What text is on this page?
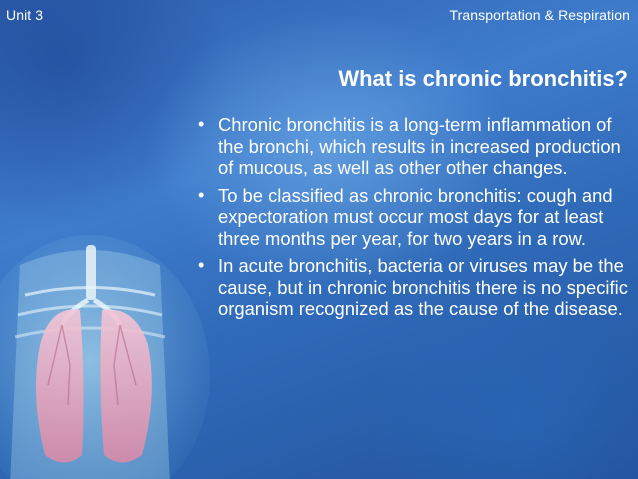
Unit 3	Transportation & Respiration
What is chronic bronchitis?
• Chronic bronchitis is a long-term inflammation of the bronchi, which results in increased production of mucous, as well as other other changes.
• To be classified as chronic bronchitis: cough and expectoration must occur most days for at least three months per year, for two years in a row.
• In acute bronchitis, bacteria or viruses may be the cause, but in chronic bronchitis there is no specific organism recognized as the cause of the disease.
